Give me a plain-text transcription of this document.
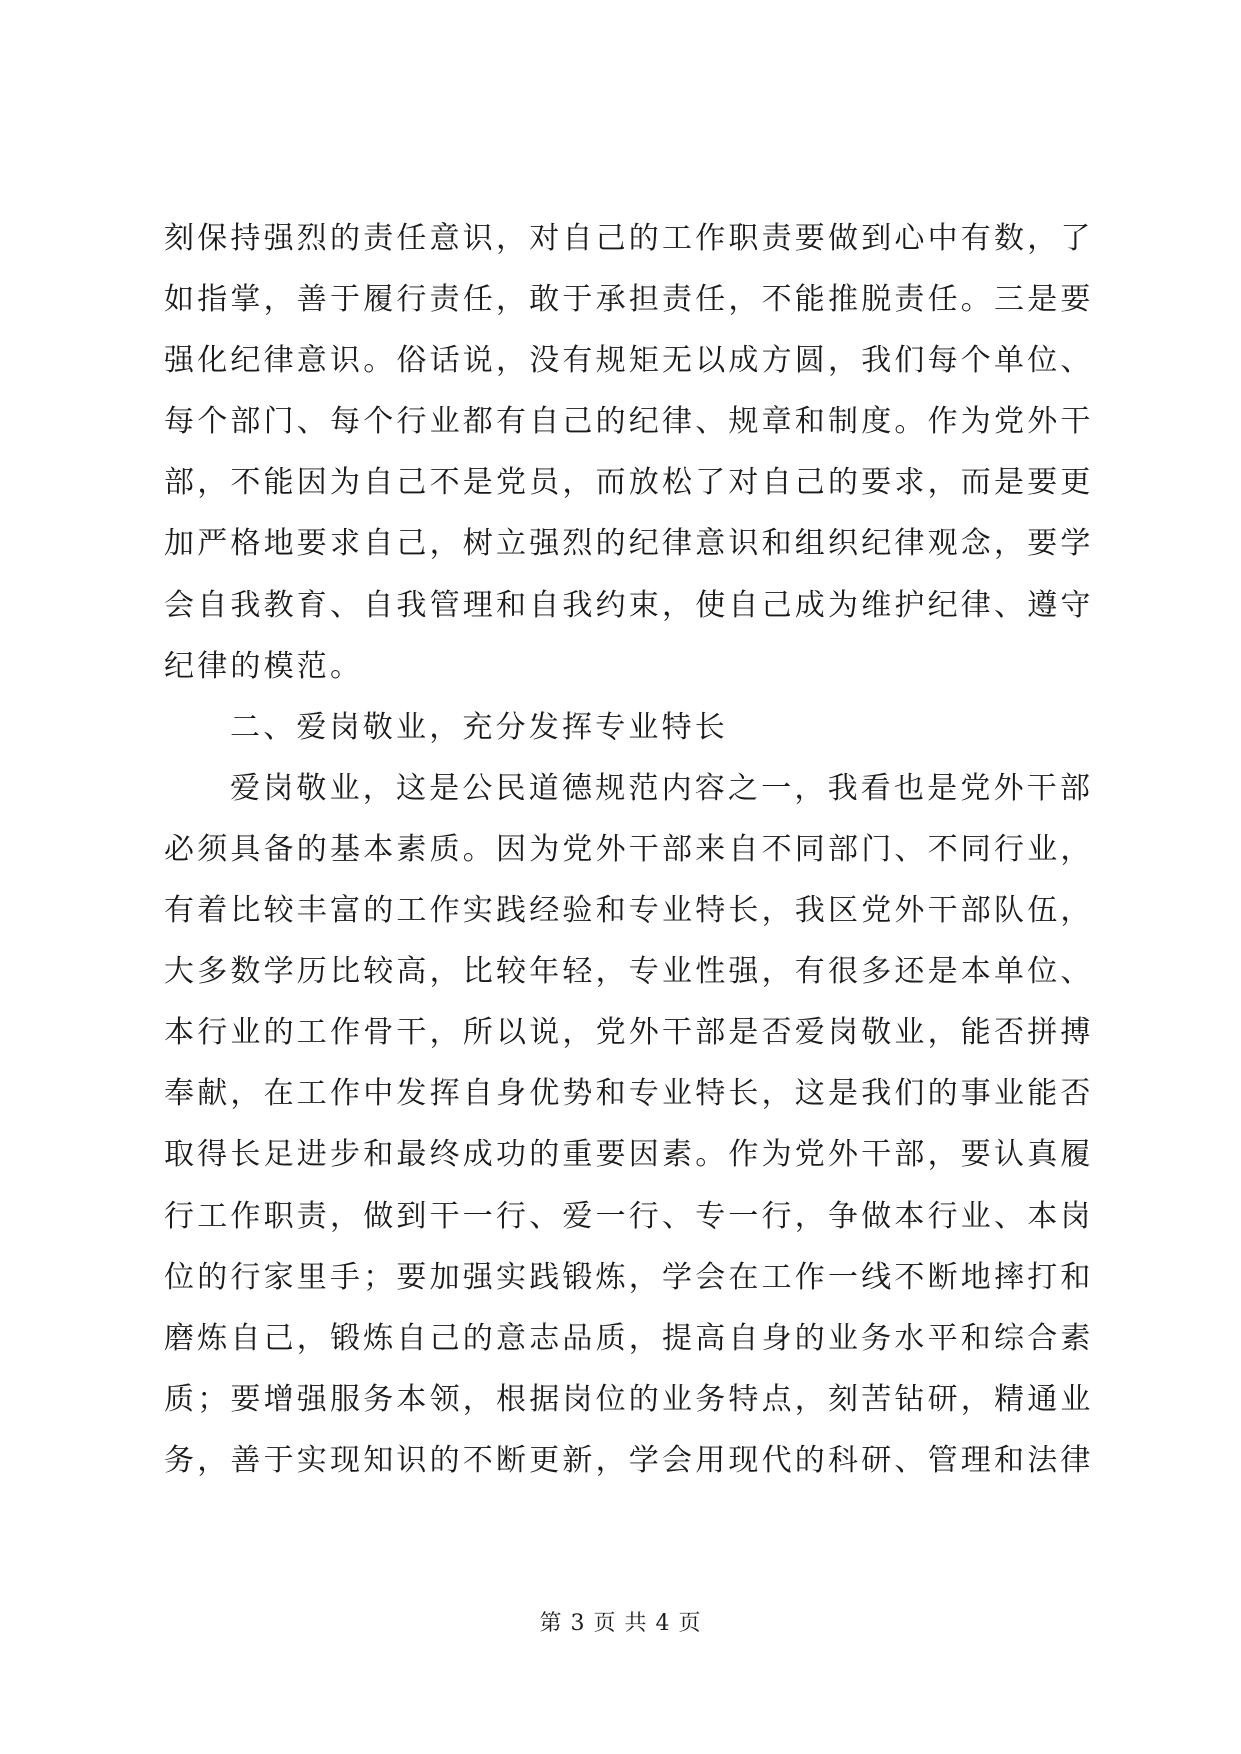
刻保持强烈的责任意识，对自己的工作职责要做到心中有数，了
如指掌，善于履行责任，敢于承担责任，不能推脱责任。三是要
强化纪律意识。俗话说，没有规矩无以成方圆，我们每个单位、
每个部门、每个行业都有自己的纪律、规章和制度。作为党外干
部，不能因为自己不是党员，而放松了对自己的要求，而是要更
加严格地要求自己，树立强烈的纪律意识和组织纪律观念，要学
会自我教育、自我管理和自我约束，使自己成为维护纪律、遵守
纪律的模范。
二、爱岗敬业，充分发挥专业特长
爱岗敬业，这是公民道德规范内容之一，我看也是党外干部
必须具备的基本素质。因为党外干部来自不同部门、不同行业，
有着比较丰富的工作实践经验和专业特长，我区党外干部队伍，
大多数学历比较高，比较年轻，专业性强，有很多还是本单位、
本行业的工作骨干，所以说，党外干部是否爱岗敬业，能否拼搏
奉献，在工作中发挥自身优势和专业特长，这是我们的事业能否
取得长足进步和最终成功的重要因素。作为党外干部，要认真履
行工作职责，做到干一行、爱一行、专一行，争做本行业、本岗
位的行家里手；要加强实践锻炼，学会在工作一线不断地摔打和
磨炼自己，锻炼自己的意志品质，提高自身的业务水平和综合素
质；要增强服务本领，根据岗位的业务特点，刻苦钻研，精通业
务，善于实现知识的不断更新，学会用现代的科研、管理和法律
第 3 页 共 4 页
